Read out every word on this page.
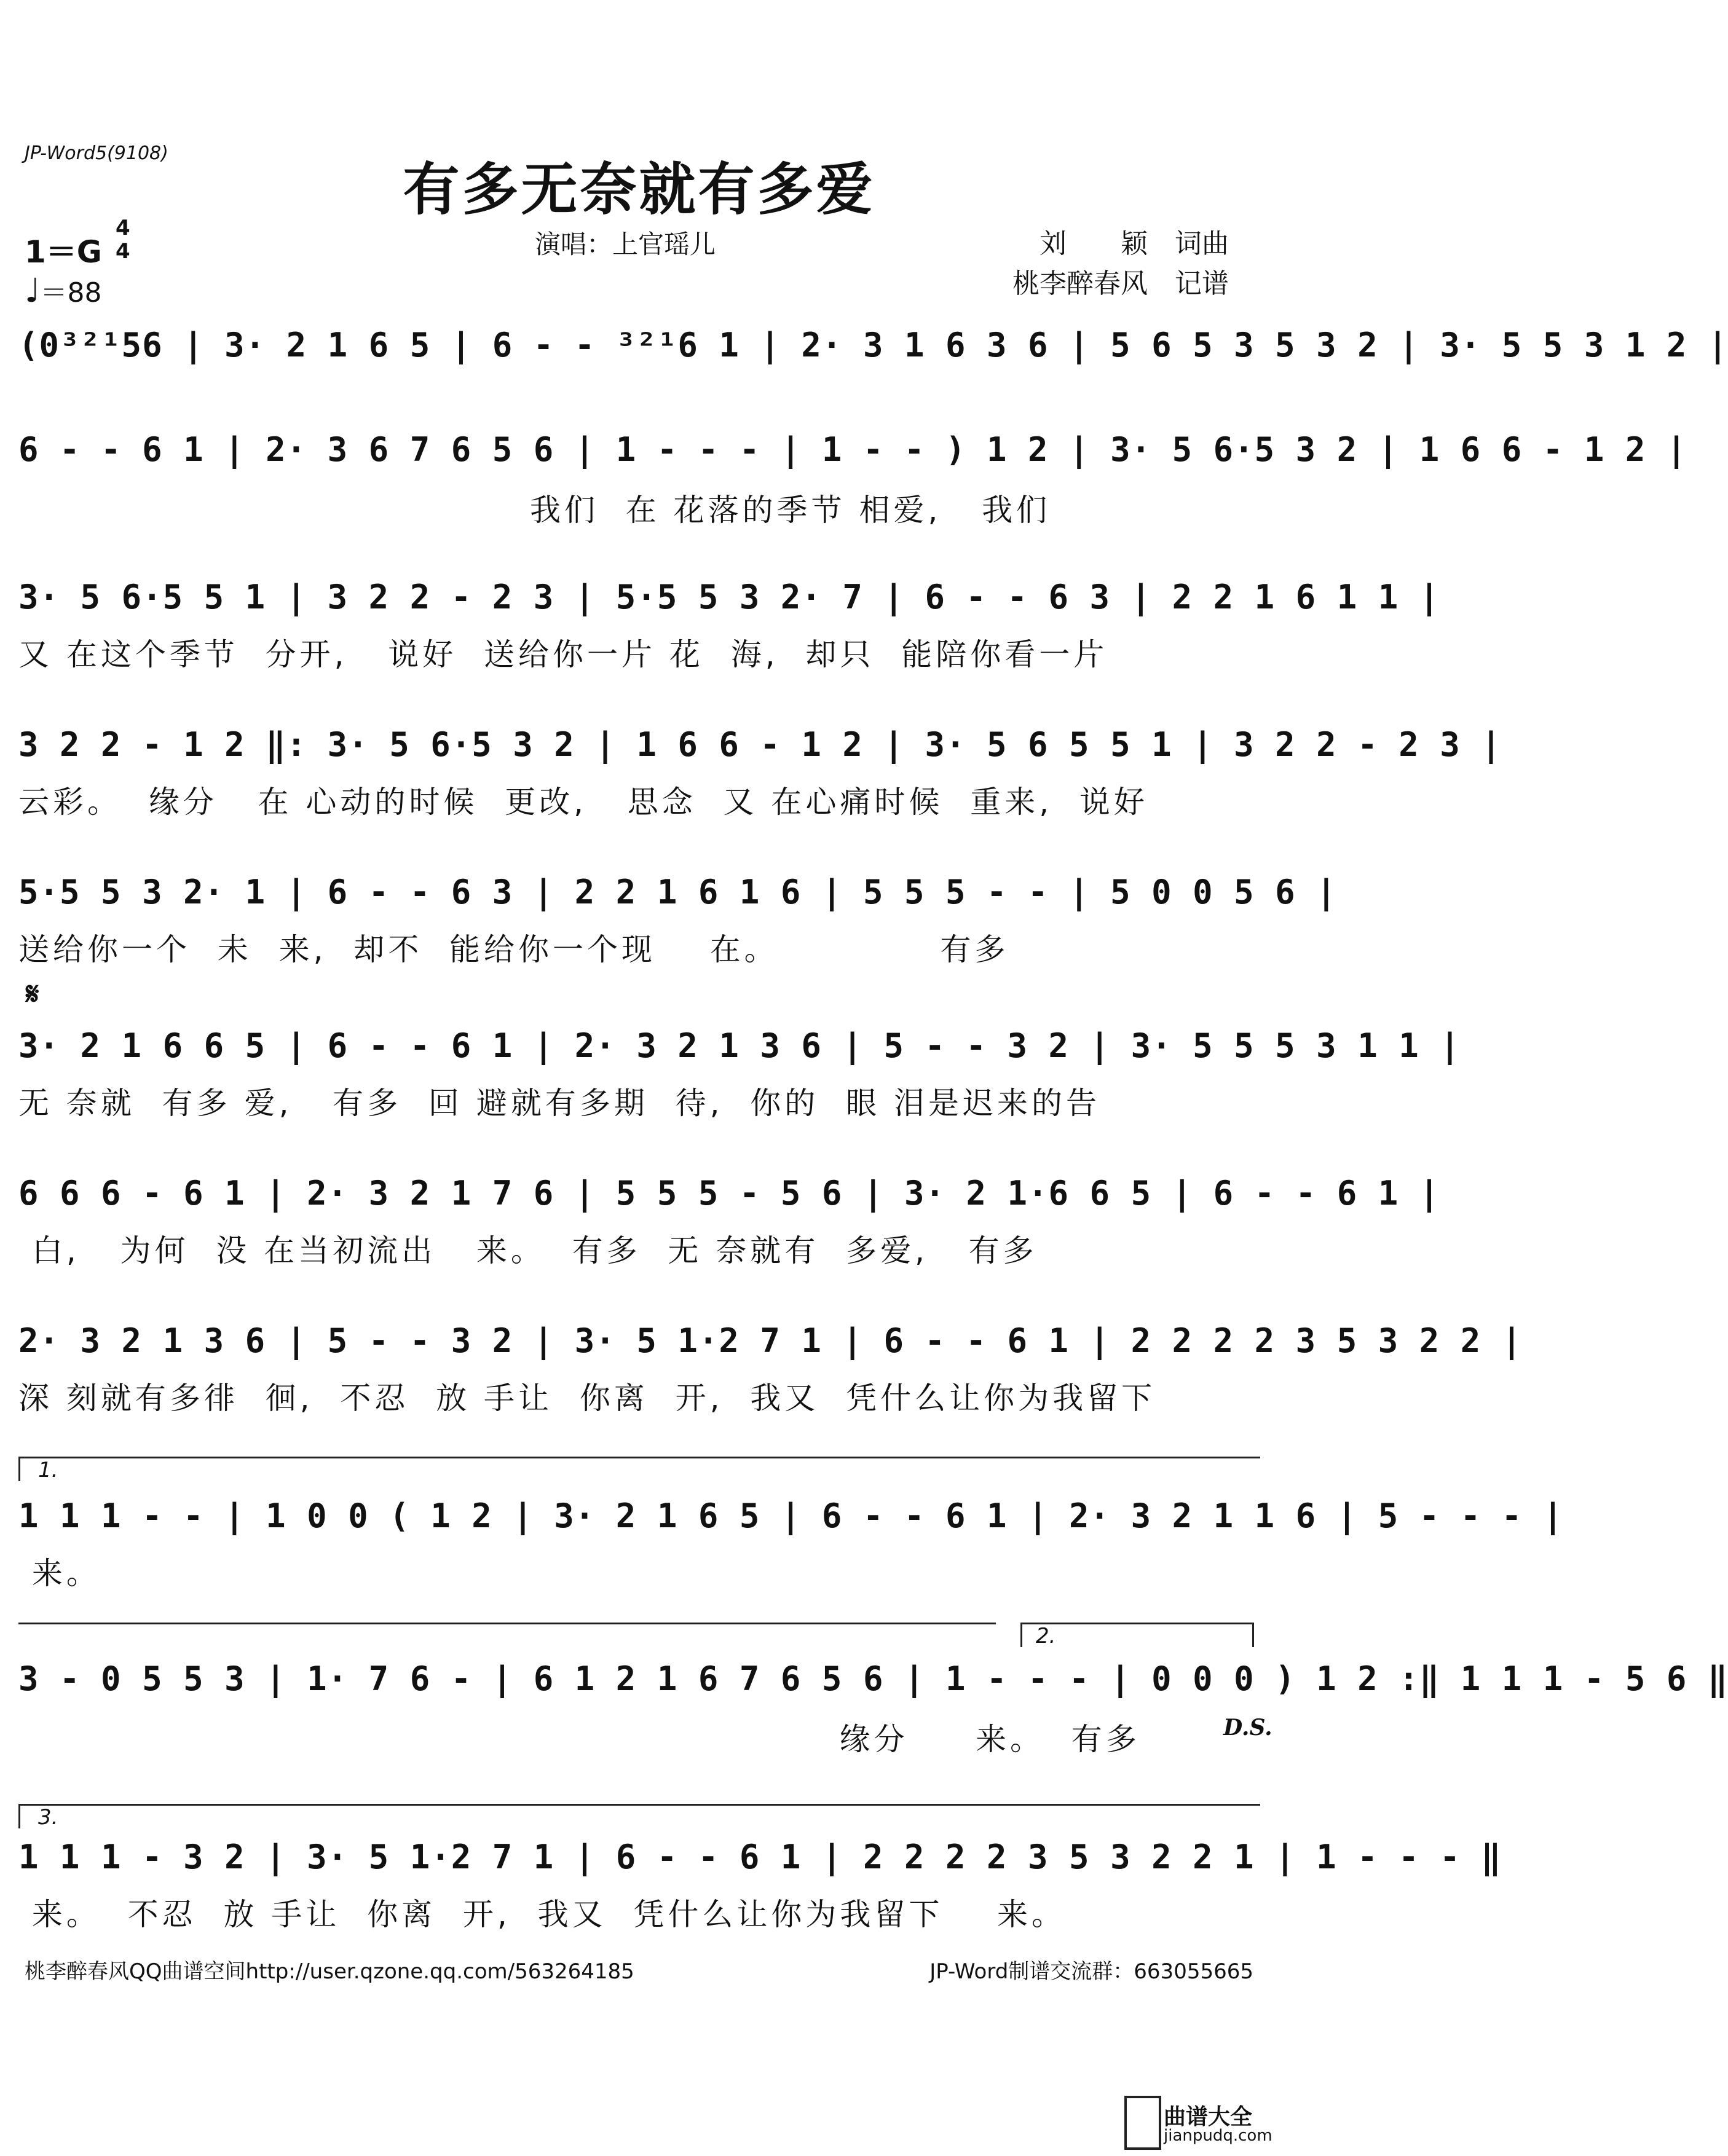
JP-Word5(9108)
有多无奈就有多爱
演唱：上官瑶儿	刘　　颖　词曲
桃李醉春风　记谱
1＝G
4
4
♩＝88
(0³²¹56 | 3· 2 1 6 5 | 6 - - ³²¹6 1 | 2· 3 1 6 3 6 | 5 6 5 3 5 3 2 | 3· 5 5 3 1 2 |
6 - - 6 1 | 2· 3 6 7 6 5 6 | 1 - - - | 1 - - ) 1 2 | 3· 5 6·5 3 2 | 1 6 6 - 1 2 |
我们  在 花落的季节 相爱,   我们
3· 5 6·5 5 1 | 3 2 2 - 2 3 | 5·5 5 3 2· 7 | 6 - - 6 3 | 2 2 1 6 1 1 |
又 在这个季节  分开,   说好  送给你一片 花  海,  却只  能陪你看一片
3 2 2 - 1 2 ‖: 3· 5 6·5 3 2 | 1 6 6 - 1 2 | 3· 5 6 5 5 1 | 3 2 2 - 2 3 |
云彩。  缘分   在 心动的时候  更改,   思念  又 在心痛时候  重来,  说好
5·5 5 3 2· 1 | 6 - - 6 3 | 2 2 1 6 1 6 | 5 5 5 - - | 5 0 0 5 6 |
送给你一个  未  来,  却不  能给你一个现    在。            有多
𝄋
3· 2 1 6 6 5 | 6 - - 6 1 | 2· 3 2 1 3 6 | 5 - - 3 2 | 3· 5 5 5 3 1 1 |
无 奈就  有多 爱,   有多  回 避就有多期  待,  你的  眼 泪是迟来的告
6 6 6 - 6 1 | 2· 3 2 1 7 6 | 5 5 5 - 5 6 | 3· 2 1·6 6 5 | 6 - - 6 1 |
白,   为何  没 在当初流出   来。  有多  无 奈就有  多爱,   有多
2· 3 2 1 3 6 | 5 - - 3 2 | 3· 5 1·2 7 1 | 6 - - 6 1 | 2 2 2 2 3 5 3 2 2 |
深 刻就有多徘  徊,  不忍  放 手让  你离  开,  我又  凭什么让你为我留下
1.
1 1 1 - - | 1 0 0 ( 1 2 | 3· 2 1 6 5 | 6 - - 6 1 | 2· 3 2 1 1 6 | 5 - - - |
来。
2.
3 - 0 5 5 3 | 1· 7 6 - | 6 1 2 1 6 7 6 5 6 | 1 - - - | 0 0 0 ) 1 2 :‖ 1 1 1 - 5 6 ‖
缘分     来。  有多	D.S.
3.
1 1 1 - 3 2 | 3· 5 1·2 7 1 | 6 - - 6 1 | 2 2 2 2 3 5 3 2 2 1 | 1 - - - ‖
来。  不忍  放 手让  你离  开,  我又  凭什么让你为我留下    来。
桃李醉春风QQ曲谱空间http://user.qzone.qq.com/563264185	JP-Word制谱交流群：663055665
曲谱大全
jianpudq.com
